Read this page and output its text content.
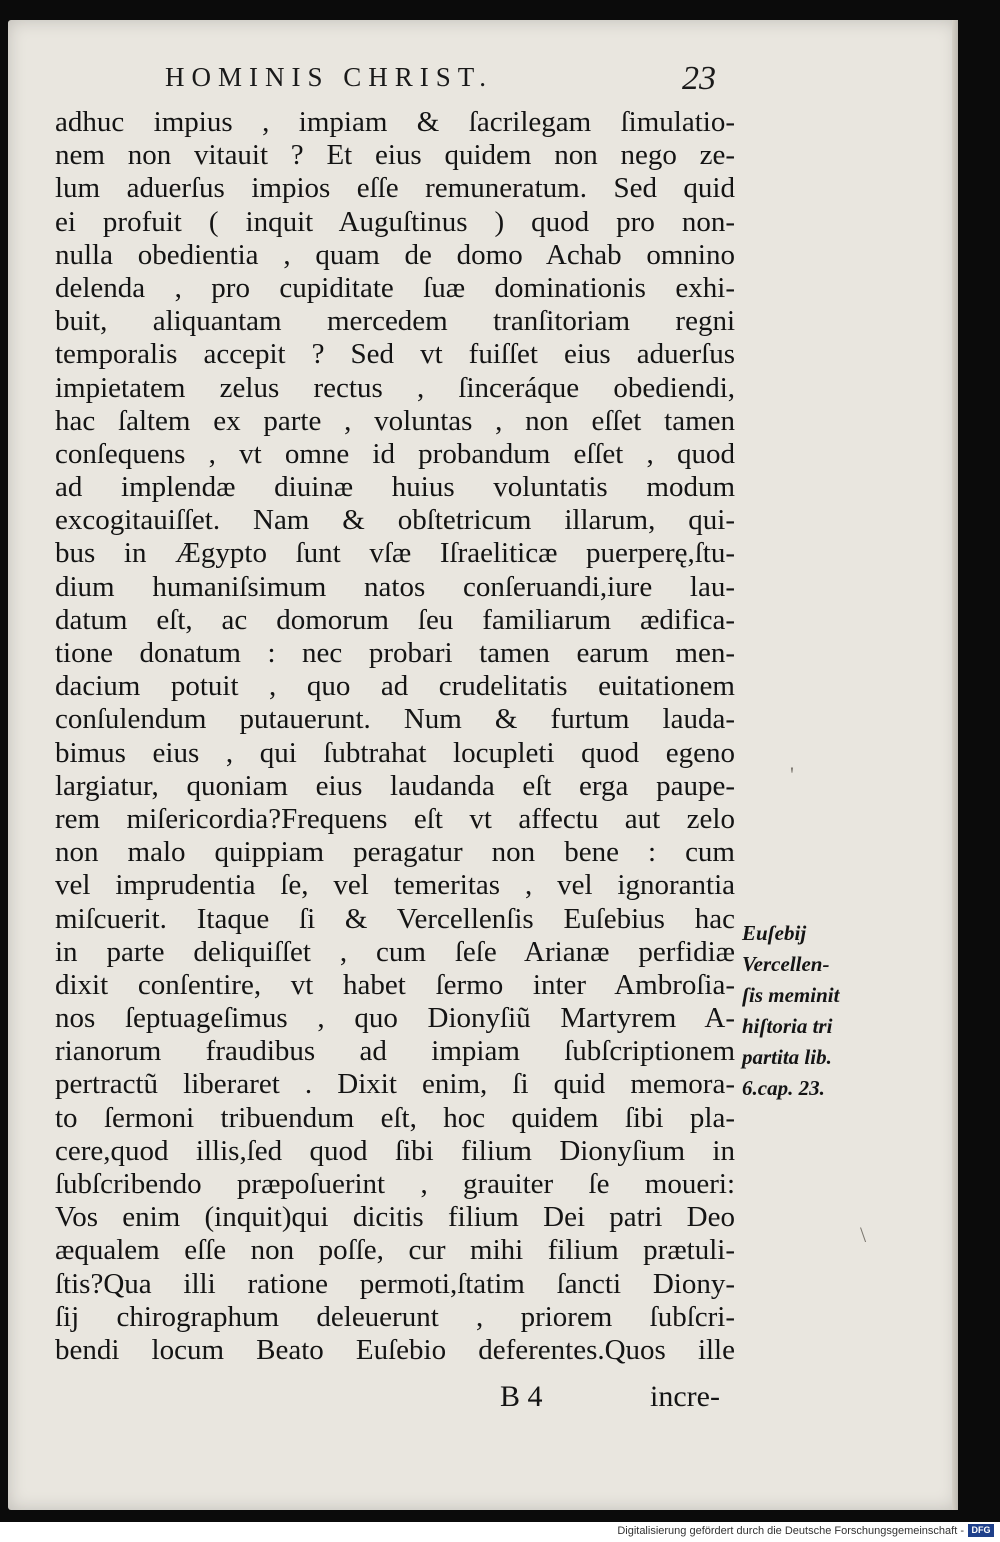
HOMINIS CHRIST.	23
adhuc impius , impiam & ſacrilegam ſimulatio-
nem non vitauit ? Et eius quidem non nego ze-
lum aduerſus impios eſſe remuneratum. Sed quid
ei profuit ( inquit Auguſtinus ) quod pro non-
nulla obedientia , quam de domo Achab omnino
delenda , pro cupiditate ſuæ dominationis exhi-
buit, aliquantam mercedem tranſitoriam regni
temporalis accepit ? Sed vt fuiſſet eius aduerſus
impietatem zelus rectus , ſinceráque obediendi,
hac ſaltem ex parte , voluntas , non eſſet tamen
conſequens , vt omne id probandum eſſet , quod
ad implendæ diuinæ huius voluntatis modum
excogitauiſſet. Nam & obſtetricum illarum, qui-
bus in Ægypto ſunt vſæ Iſraeliticæ puerperę,ſtu-
dium humaniſsimum natos conſeruandi,iure lau-
datum eſt, ac domorum ſeu familiarum ædifica-
tione donatum : nec probari tamen earum men-
dacium potuit , quo ad crudelitatis euitationem
conſulendum putauerunt. Num & furtum lauda-
bimus eius , qui ſubtrahat locupleti quod egeno
largiatur, quoniam eius laudanda eſt erga paupe-
rem miſericordia?Frequens eſt vt affectu aut zelo
non malo quippiam peragatur non bene : cum
vel imprudentia ſe, vel temeritas , vel ignorantia
miſcuerit. Itaque ſi & Vercellenſis Euſebius hac
in parte deliquiſſet , cum ſeſe Arianæ perfidiæ
dixit conſentire, vt habet ſermo inter Ambroſia-
nos ſeptuageſimus , quo Dionyſiũ Martyrem A-
rianorum fraudibus ad impiam ſubſcriptionem
pertractũ liberaret . Dixit enim, ſi quid memora-
to ſermoni tribuendum eſt, hoc quidem ſibi pla-
cere,quod illis,ſed quod ſibi filium Dionyſium in
ſubſcribendo præpoſuerint , grauiter ſe moueri:
Vos enim (inquit)qui dicitis filium Dei patri Deo
æqualem eſſe non poſſe, cur mihi filium prætuli-
ſtis?Qua illi ratione permoti,ſtatim ſancti Diony-
ſij chirographum deleuerunt , priorem ſubſcri-
bendi locum Beato Euſebio deferentes.Quos ille
Euſebij
Vercellen-
ſis meminit
hiſtoria tri
partita lib.
6.cap. 23.
B 4	incre-
'
\
Digitalisierung gefördert durch die Deutsche Forschungsgemeinschaft - DFG
